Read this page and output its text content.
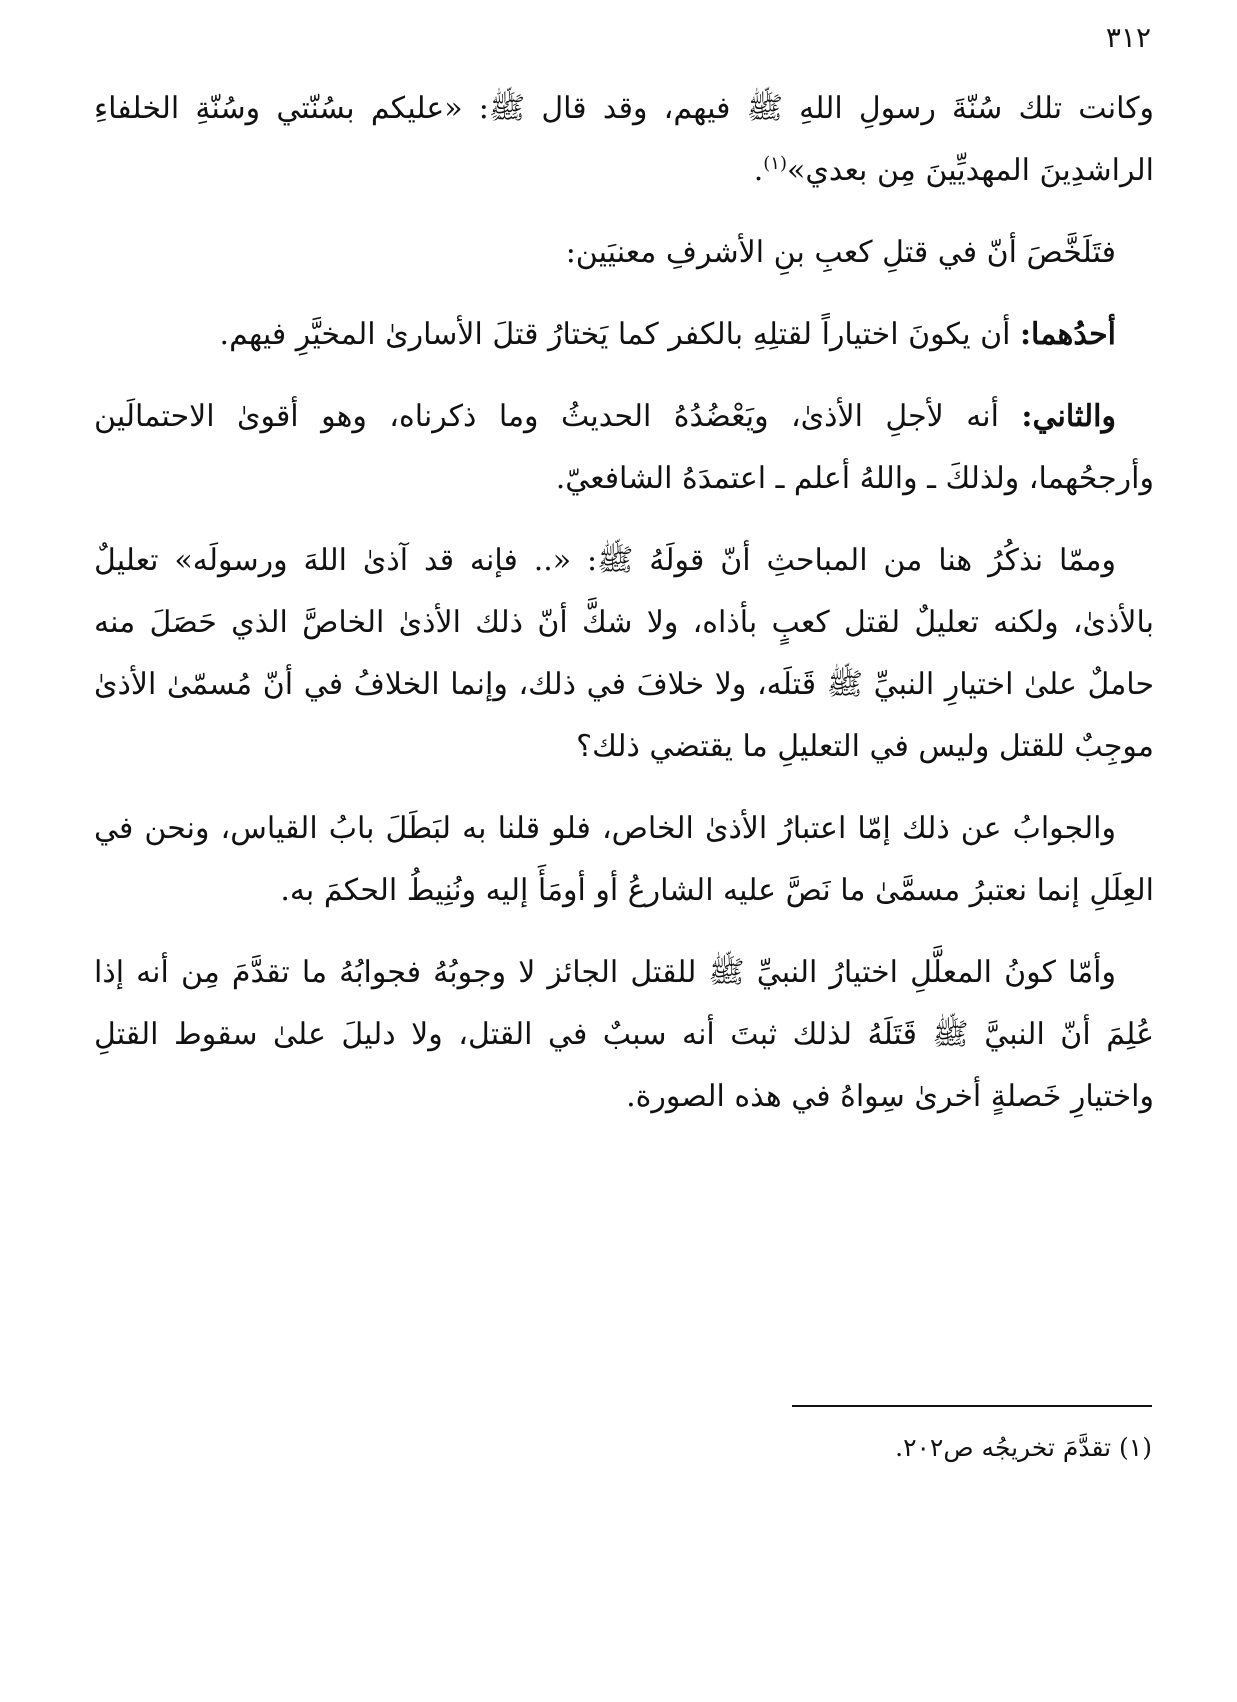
٣١٢

وكانت تلك سُنّةَ رسولِ اللهِ ﷺ فيهم، وقد قال ﷺ: «عليكم بسُنّتي وسُنّةِ الخلفاءِ الراشدِينَ المهديِّينَ مِن بعدي»$^{(١)}$.

فتَلَخَّصَ أنّ في قتلِ كعبِ بنِ الأشرفِ معنيَين:

أحدُهما: أن يكونَ اختياراً لقتلِهِ بالكفر كما يَختارُ قتلَ الأسارىٰ المخيَّرِ فيهم.

والثاني: أنه لأجلِ الأذىٰ، ويَعْضُدُهُ الحديثُ وما ذكرناه، وهو أقوىٰ الاحتمالَين وأرجحُهما، ولذلكَ ـ واللهُ أعلم ـ اعتمدَهُ الشافعيّ.

وممّا نذكُرُ هنا من المباحثِ أنّ قولَهُ ﷺ: «.. فإنه قد آذىٰ اللهَ ورسولَه» تعليلٌ بالأذىٰ، ولكنه تعليلٌ لقتل كعبٍ بأذاه، ولا شكَّ أنّ ذلك الأذىٰ الخاصَّ الذي حَصَلَ منه حاملٌ علىٰ اختيارِ النبيِّ ﷺ قَتلَه، ولا خلافَ في ذلك، وإنما الخلافُ في أنّ مُسمّىٰ الأذىٰ موجِبٌ للقتل وليس في التعليلِ ما يقتضي ذلك؟

والجوابُ عن ذلك إمّا اعتبارُ الأذىٰ الخاص، فلو قلنا به لبَطَلَ بابُ القياس، ونحن في العِلَلِ إنما نعتبرُ مسمَّىٰ ما نَصَّ عليه الشارعُ أو أومَأَ إليه ونُنِيطُ الحكمَ به.

وأمّا كونُ المعلَّلِ اختيارُ النبيِّ ﷺ للقتل الجائز لا وجوبُهُ فجوابُهُ ما تقدَّمَ مِن أنه إذا عُلِمَ أنّ النبيَّ ﷺ قَتَلَهُ لذلك ثبتَ أنه سببٌ في القتل، ولا دليلَ علىٰ سقوط القتلِ واختيارِ خَصلةٍ أخرىٰ سِواهُ في هذه الصورة.

(١) تقدَّمَ تخريجُه ص٢٠٢.
